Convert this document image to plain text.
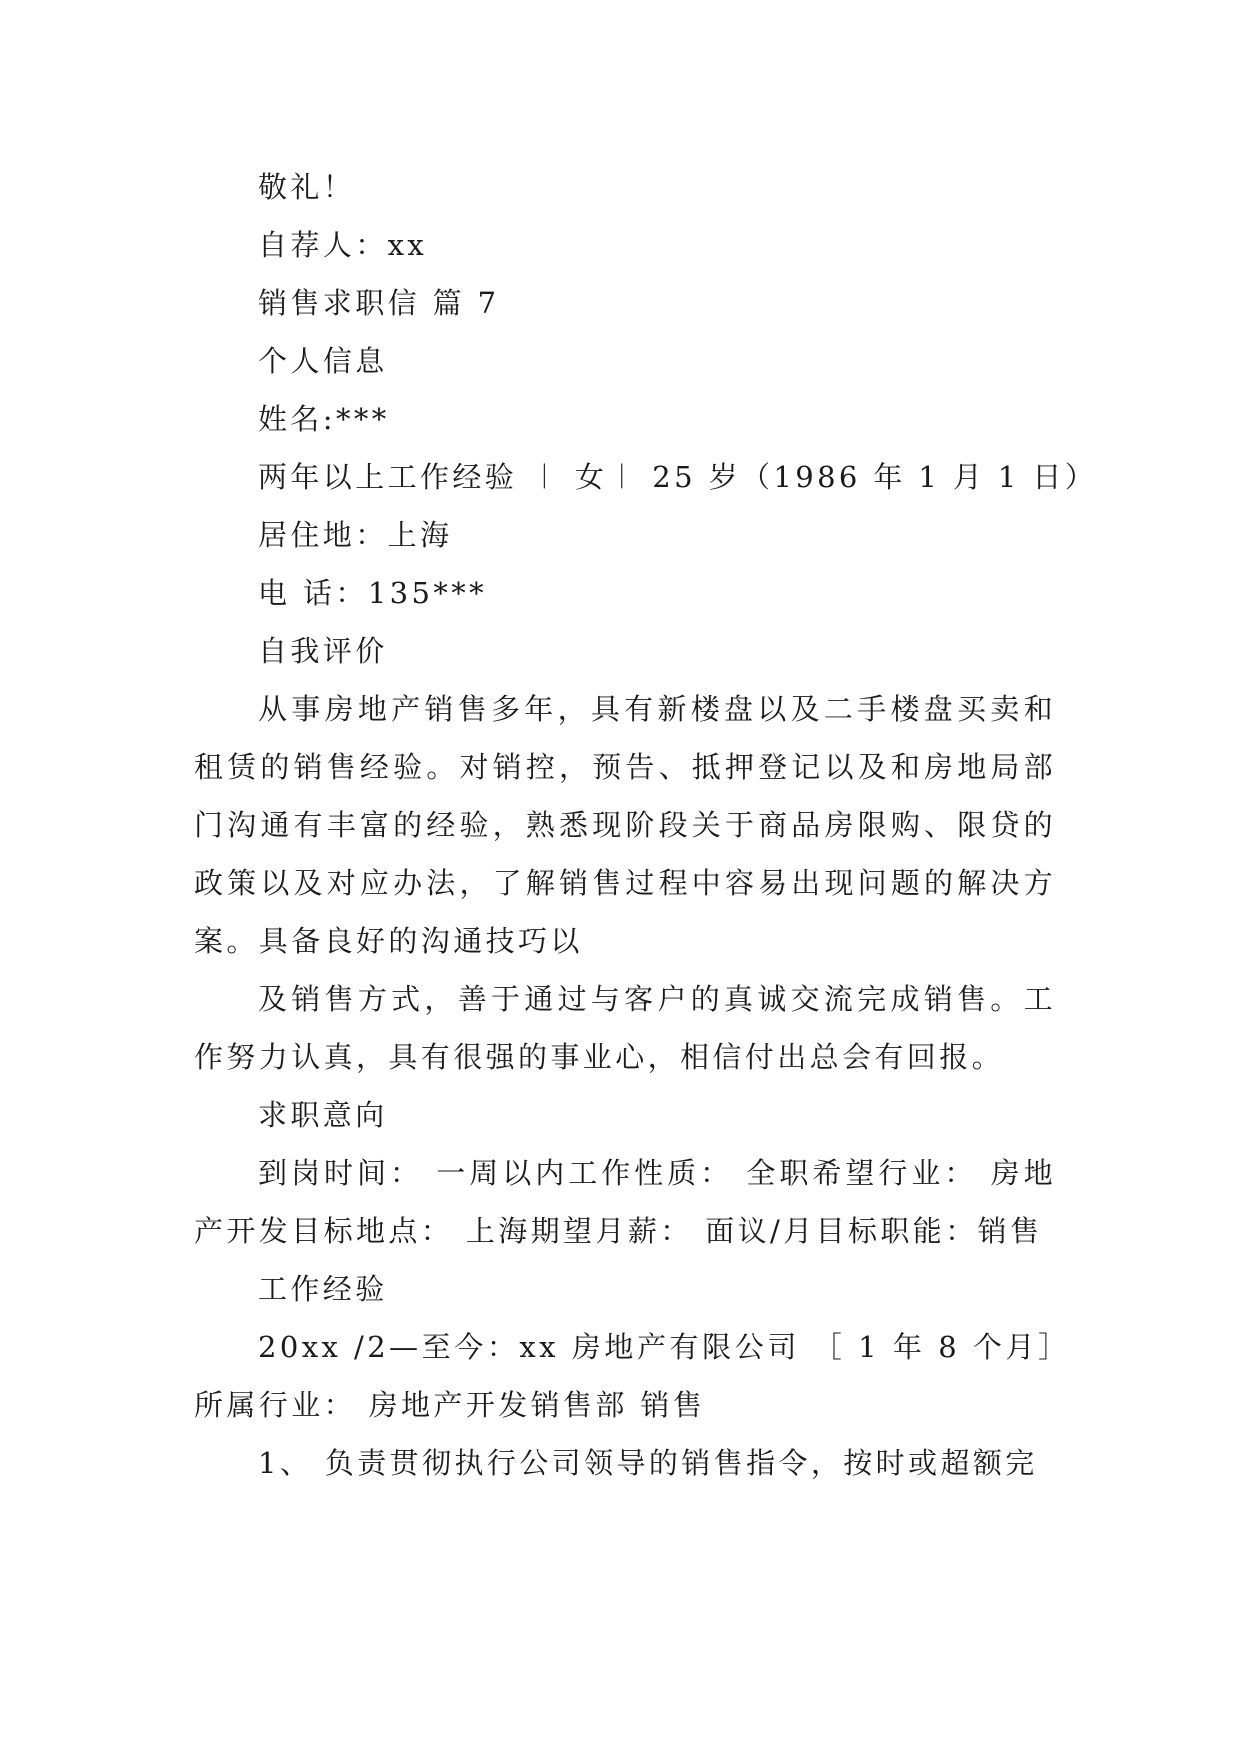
敬礼！

自荐人：xx

销售求职信 篇 7

个人信息

姓名:***

两年以上工作经验 ︱ 女︱ 25 岁（1986 年 1 月 1 日）

居住地：上海

电 话：135***

自我评价

从事房地产销售多年，具有新楼盘以及二手楼盘买卖和租赁的销售经验。对销控，预告、抵押登记以及和房地局部门沟通有丰富的经验，熟悉现阶段关于商品房限购、限贷的政策以及对应办法，了解销售过程中容易出现问题的解决方案。具备良好的沟通技巧以

及销售方式，善于通过与客户的真诚交流完成销售。工作努力认真，具有很强的事业心，相信付出总会有回报。

求职意向

到岗时间： 一周以内工作性质： 全职希望行业： 房地产开发目标地点： 上海期望月薪： 面议/月目标职能：销售

工作经验

20xx /2—至今：xx 房地产有限公司 ［ 1 年 8 个月］所属行业： 房地产开发销售部 销售

1、 负责贯彻执行公司领导的销售指令，按时或超额完
